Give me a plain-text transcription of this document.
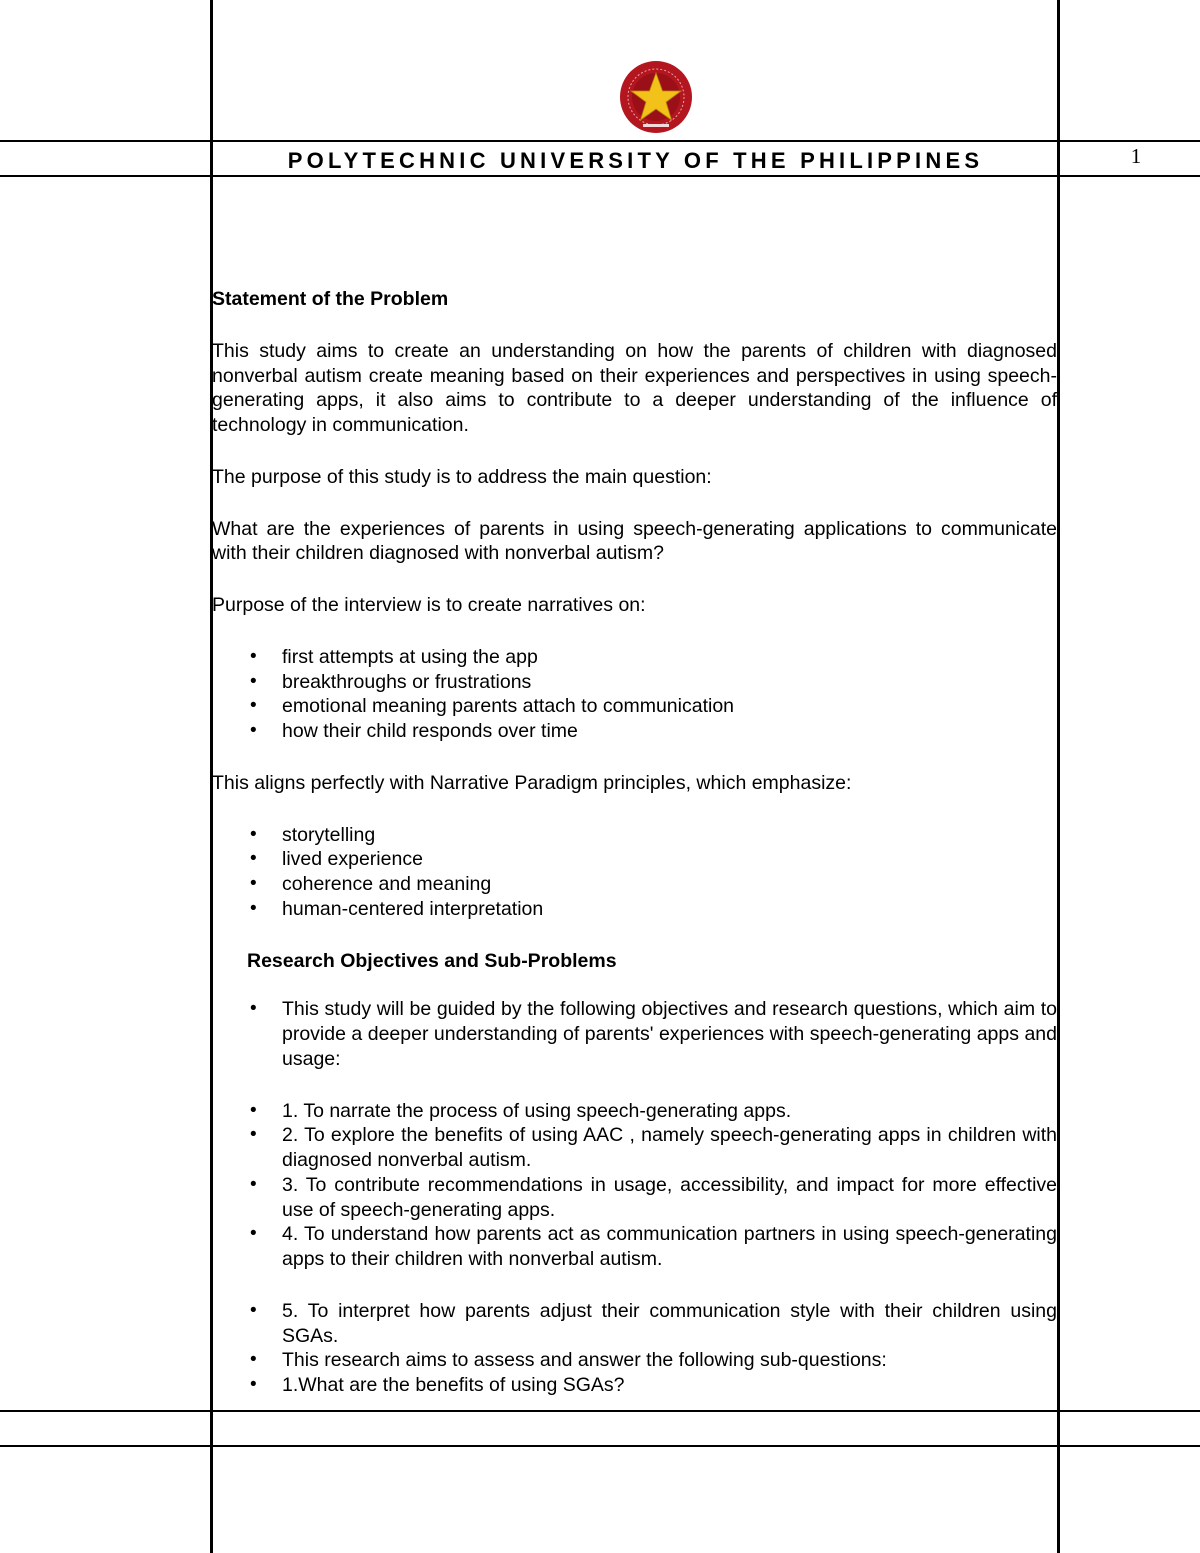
POLYTECHNIC UNIVERSITY OF THE PHILIPPINES	1

Statement of the Problem

This study aims to create an understanding on how the parents of children with diagnosed nonverbal autism create meaning based on their experiences and perspectives in using speech-generating apps, it also aims to contribute to a deeper understanding of the influence of technology in communication.

The purpose of this study is to address the main question:

What are the experiences of parents in using speech-generating applications to communicate with their children diagnosed with nonverbal autism?

Purpose of the interview is to create narratives on:

• first attempts at using the app
• breakthroughs or frustrations
• emotional meaning parents attach to communication
• how their child responds over time

This aligns perfectly with Narrative Paradigm principles, which emphasize:

• storytelling
• lived experience
• coherence and meaning
• human-centered interpretation

Research Objectives and Sub-Problems

• This study will be guided by the following objectives and research questions, which aim to provide a deeper understanding of parents' experiences with speech-generating apps and usage:
• 1. To narrate the process of using speech-generating apps.
• 2. To explore the benefits of using AAC , namely speech-generating apps in children with diagnosed nonverbal autism.
• 3. To contribute recommendations in usage, accessibility, and impact for more effective use of speech-generating apps.
• 4. To understand how parents act as communication partners in using speech-generating apps to their children with nonverbal autism.
• 5. To interpret how parents adjust their communication style with their children using SGAs.
• This research aims to assess and answer the following sub-questions:
• 1.What are the benefits of using SGAs?
